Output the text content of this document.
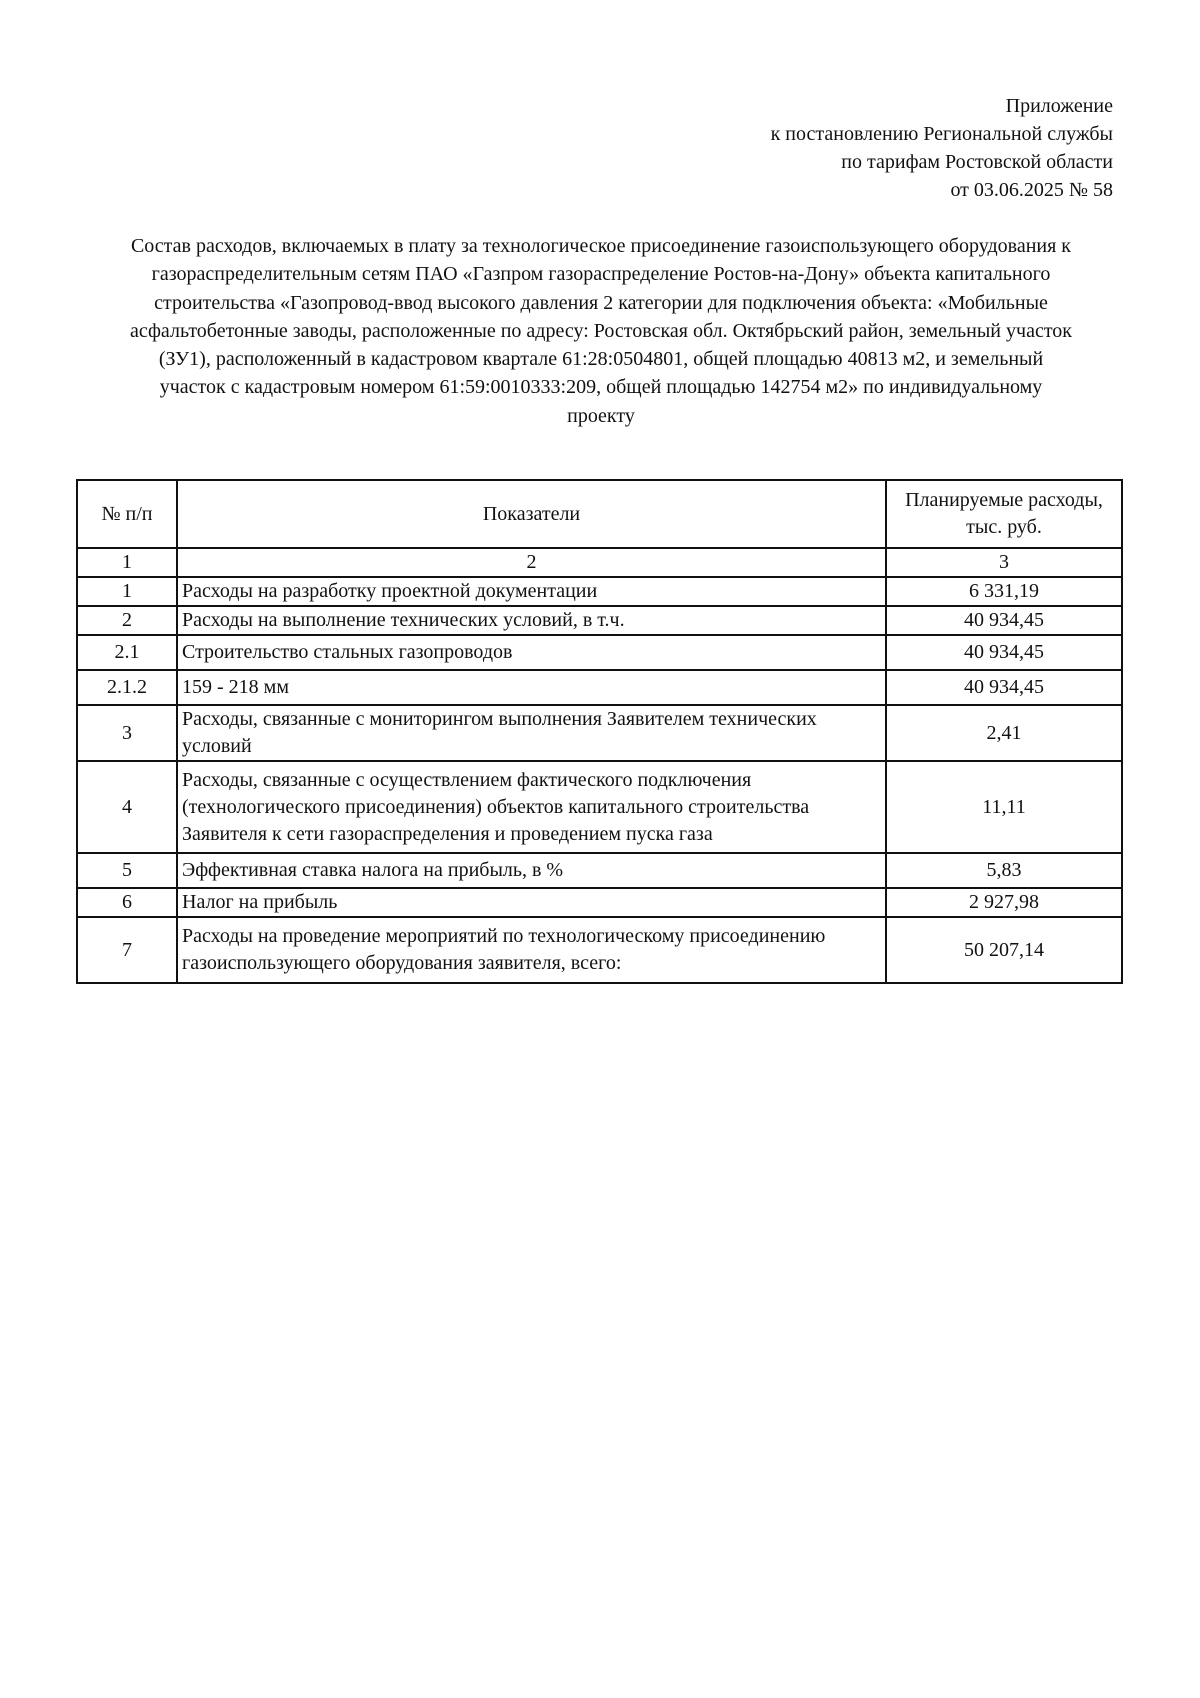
Приложение
к постановлению Региональной службы
по тарифам Ростовской области
от 03.06.2025 № 58
Состав расходов, включаемых в плату за технологическое присоединение газоиспользующего оборудования к
газораспределительным сетям ПАО «Газпром газораспределение Ростов-на-Дону» объекта капитального
строительства «Газопровод-ввод высокого давления 2 категории для подключения объекта: «Мобильные
асфальтобетонные заводы, расположенные по адресу: Ростовская обл. Октябрьский район, земельный участок
(ЗУ1), расположенный в кадастровом квартале 61:28:0504801, общей площадью 40813 м2, и земельный
участок с кадастровым номером 61:59:0010333:209, общей площадью 142754 м2» по индивидуальному
проекту
№ п/п	Показатели	Планируемые расходы,
тыс. руб.

1	2	3
1	Расходы на разработку проектной документации	6 331,19
2	Расходы на выполнение технических условий, в т.ч.	40 934,45
2.1	Строительство стальных газопроводов	40 934,45
2.1.2	159 - 218 мм	40 934,45
3	Расходы, связанные с мониторингом выполнения Заявителем технических
условий	2,41
4	Расходы, связанные с осуществлением фактического подключения
(технологического присоединения) объектов капитального строительства
Заявителя к сети газораспределения и проведением пуска газа	11,11
5	Эффективная ставка налога на прибыль, в %	5,83
6	Налог на прибыль	2 927,98
7	Расходы на проведение мероприятий по технологическому присоединению
газоиспользующего оборудования заявителя, всего:	50 207,14
